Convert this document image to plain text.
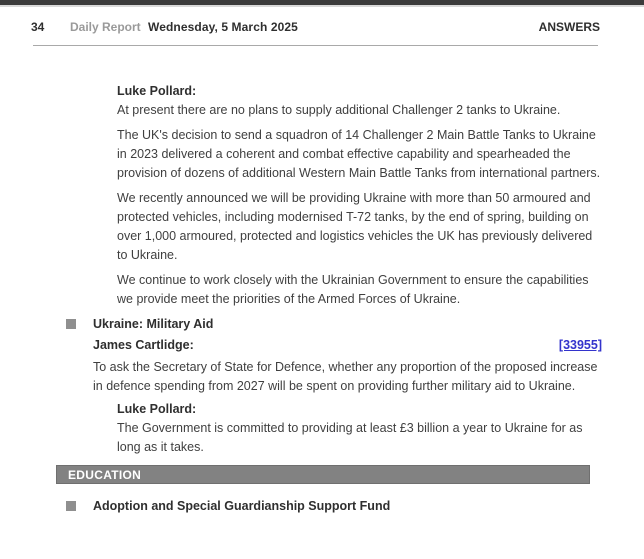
34	Daily Report Wednesday, 5 March 2025	ANSWERS
Luke Pollard:

At present there are no plans to supply additional Challenger 2 tanks to Ukraine.

The UK's decision to send a squadron of 14 Challenger 2 Main Battle Tanks to Ukraine in 2023 delivered a coherent and combat effective capability and spearheaded the provision of dozens of additional Western Main Battle Tanks from international partners.

We recently announced we will be providing Ukraine with more than 50 armoured and protected vehicles, including modernised T-72 tanks, by the end of spring, building on over 1,000 armoured, protected and logistics vehicles the UK has previously delivered to Ukraine.

We continue to work closely with the Ukrainian Government to ensure the capabilities we provide meet the priorities of the Armed Forces of Ukraine.

Ukraine: Military Aid
James Cartlidge:	[33955]

To ask the Secretary of State for Defence, whether any proportion of the proposed increase in defence spending from 2027 will be spent on providing further military aid to Ukraine.

Luke Pollard:

The Government is committed to providing at least £3 billion a year to Ukraine for as long as it takes.

EDUCATION
Adoption and Special Guardianship Support Fund
